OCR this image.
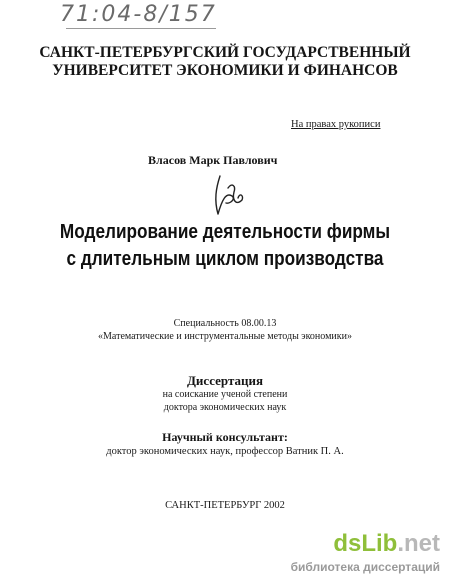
71:04-8/157
САНКТ-ПЕТЕРБУРГСКИЙ ГОСУДАРСТВЕННЫЙ
УНИВЕРСИТЕТ ЭКОНОМИКИ И ФИНАНСОВ
На правах рукописи
Власов Марк Павлович
Моделирование деятельности фирмы
с длительным циклом производства
Специальность 08.00.13
«Математические и инструментальные методы экономики»
Диссертация
на соискание ученой степени
доктора экономических наук
Научный консультант:
доктор экономических наук, профессор Ватник П. А.
САНКТ-ПЕТЕРБУРГ 2002
dsLib.net
библиотека диссертаций
